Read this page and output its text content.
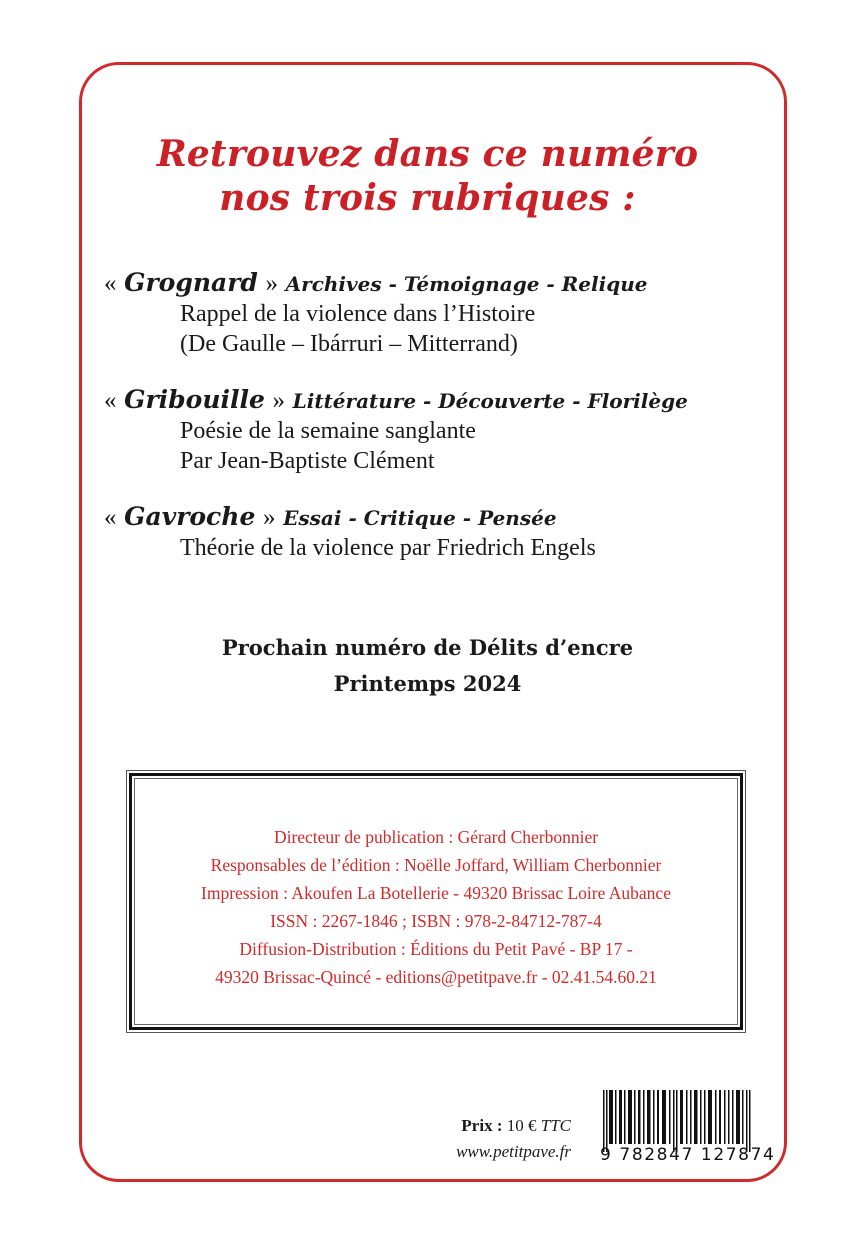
Retrouvez dans ce numéro
nos trois rubriques :
« Grognard » Archives - Témoignage - Relique
Rappel de la violence dans l’Histoire
(De Gaulle – Ibárruri – Mitterrand)
« Gribouille » Littérature - Découverte - Florilège
Poésie de la semaine sanglante
Par Jean-Baptiste Clément
« Gavroche » Essai - Critique - Pensée
Théorie de la violence par Friedrich Engels
Prochain numéro de Délits d’encre
Printemps 2024
Directeur de publication : Gérard Cherbonnier
Responsables de l’édition : Noëlle Joffard, William Cherbonnier
Impression : Akoufen La Botellerie - 49320 Brissac Loire Aubance
ISSN : 2267-1846 ; ISBN : 978-2-84712-787-4
Diffusion-Distribution : Éditions du Petit Pavé - BP 17 -
49320 Brissac-Quincé - editions@petitpave.fr - 02.41.54.60.21
Prix : 10 € TTC
www.petitpave.fr 9 782847 127874
